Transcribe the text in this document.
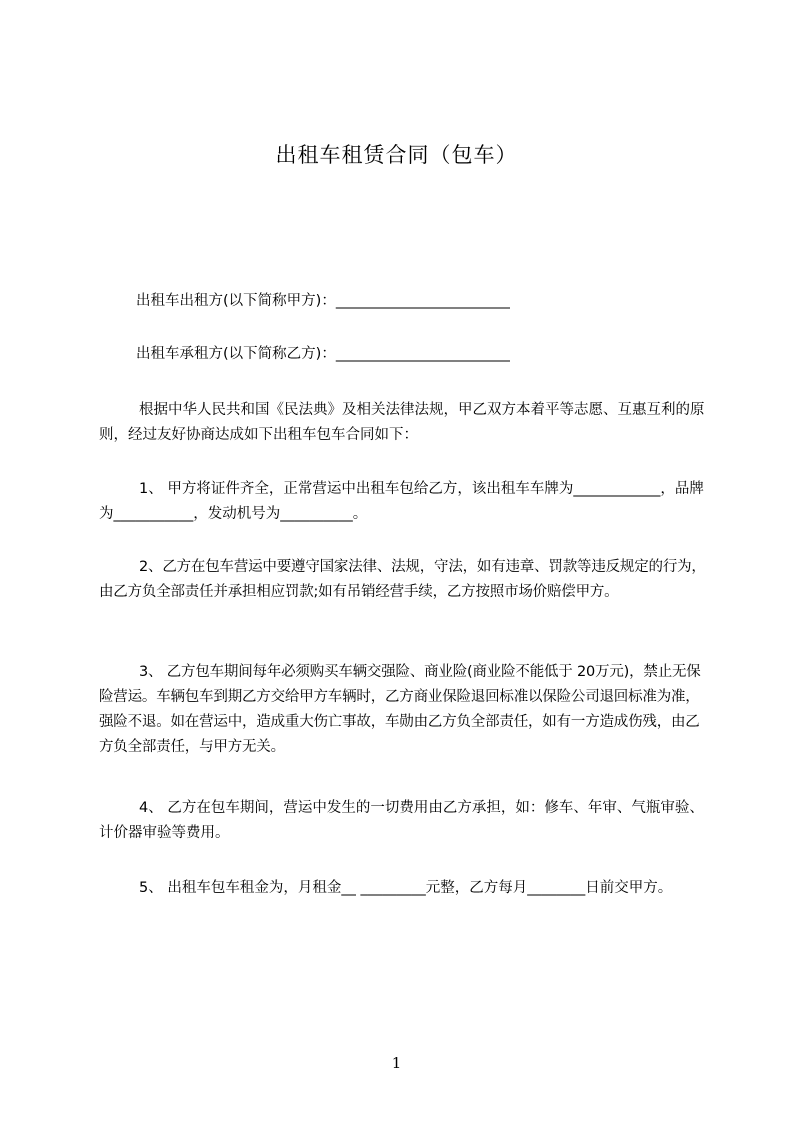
出租车租赁合同（包车）
出租车出租方(以下简称甲方)：________________________
出租车承租方(以下简称乙方)：________________________
根据中华人民共和国《民法典》及相关法律法规，甲乙双方本着平等志愿、互惠互利的原则，经过友好协商达成如下出租车包车合同如下：
1、 甲方将证件齐全，正常营运中出租车包给乙方，该出租车车牌为____________，品牌为___________，发动机号为__________。
2、乙方在包车营运中要遵守国家法律、法规，守法，如有违章、罚款等违反规定的行为，由乙方负全部责任并承担相应罚款;如有吊销经营手续，乙方按照市场价赔偿甲方。
3、 乙方包车期间每年必须购买车辆交强险、商业险(商业险不能低于 20万元)，禁止无保险营运。车辆包车到期乙方交给甲方车辆时，乙方商业保险退回标准以保险公司退回标准为准，强险不退。如在营运中，造成重大伤亡事故，车勋由乙方负全部责任，如有一方造成伤残，由乙方负全部责任，与甲方无关。
4、 乙方在包车期间，营运中发生的一切费用由乙方承担，如：修车、年审、气瓶审验、计价器审验等费用。
5、 出租车包车租金为，月租金__ _________元整，乙方每月________日前交甲方。
1
